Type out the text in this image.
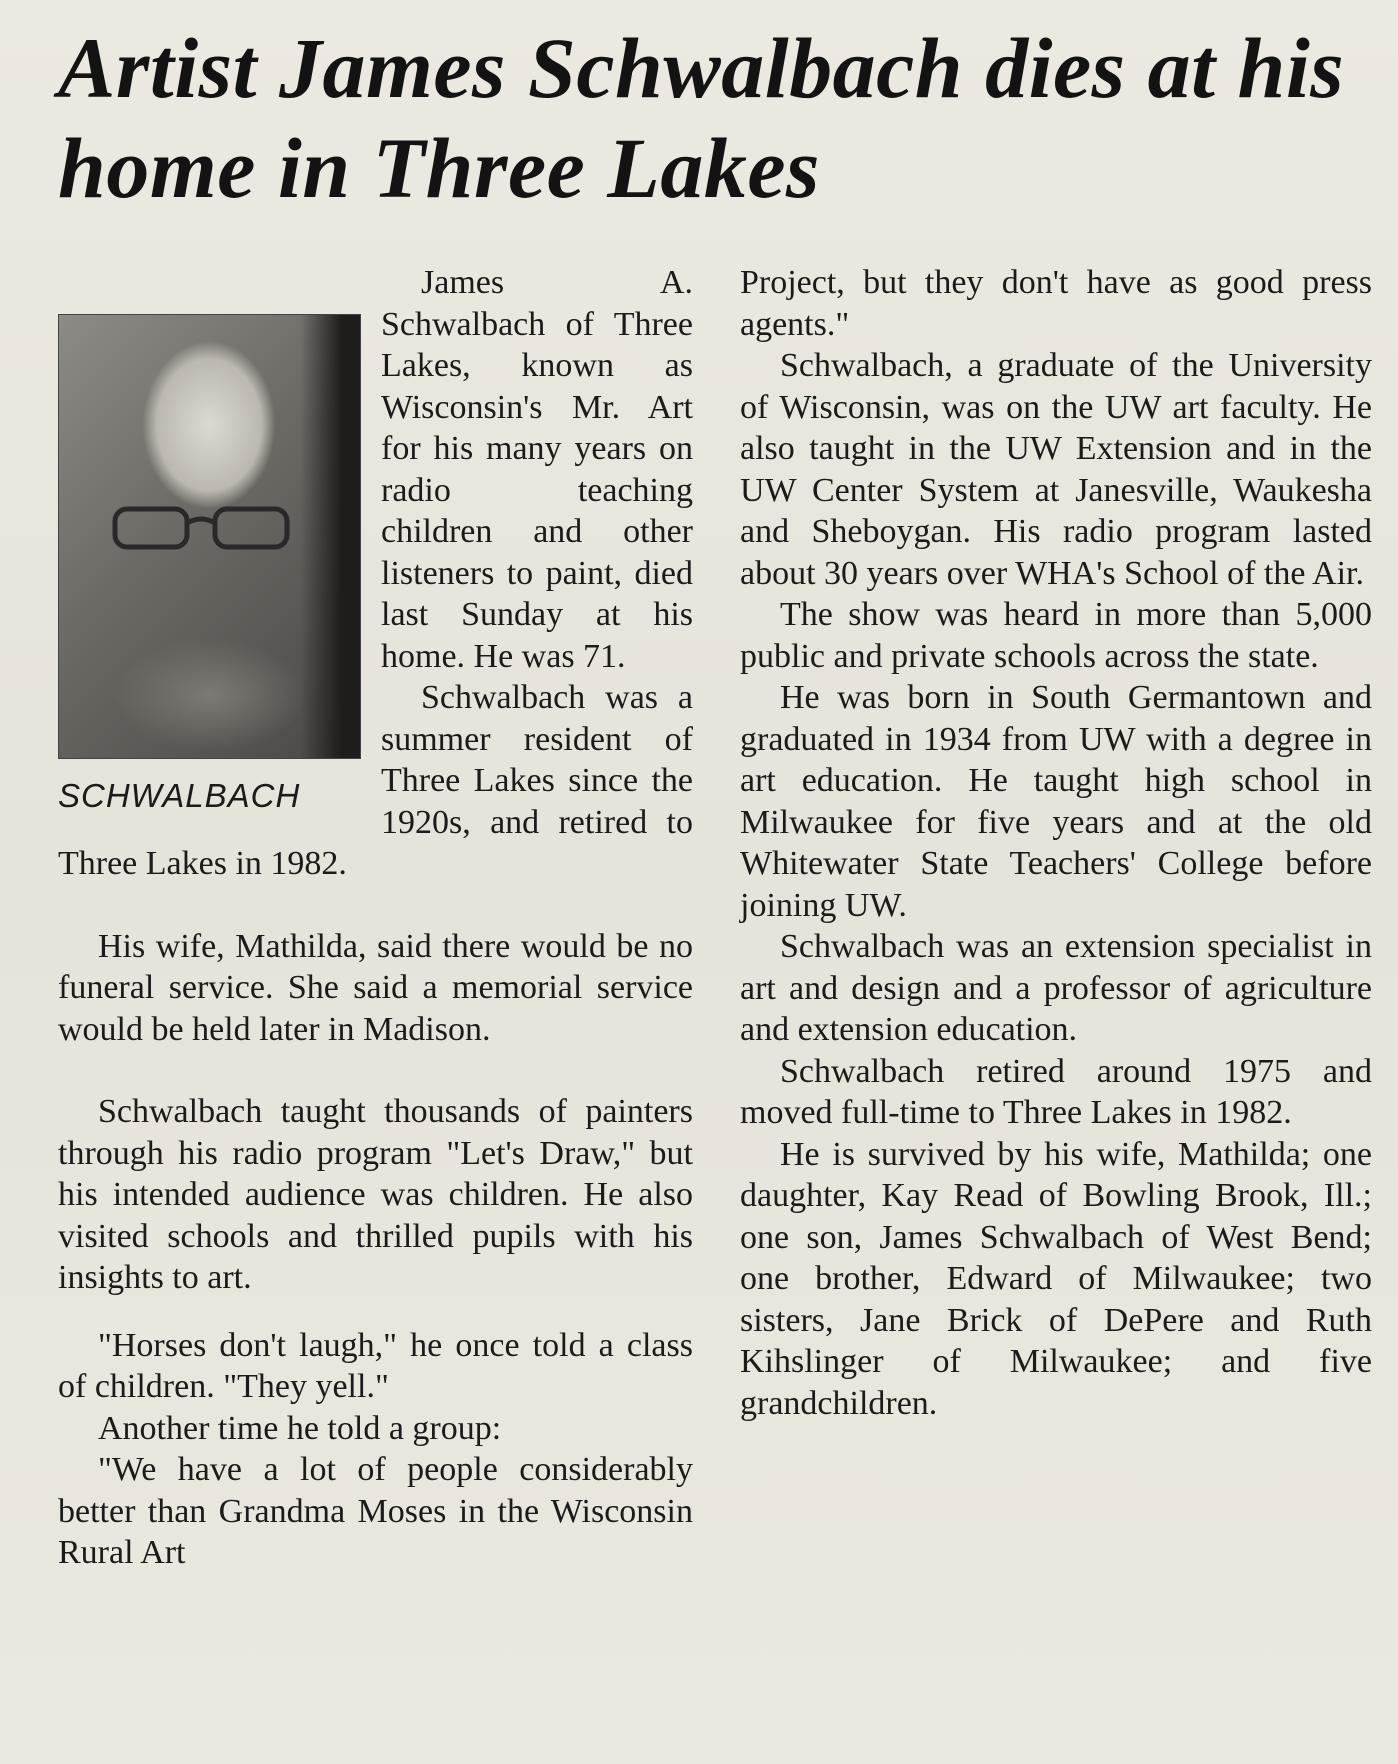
Artist James Schwalbach dies at his home in Three Lakes
SCHWALBACH

James A. Schwalbach of Three Lakes, known as Wisconsin's Mr. Art for his many years on radio teaching children and other listeners to paint, died last Sunday at his home. He was 71.

Schwalbach was a summer resident of Three Lakes since the 1920s, and retired to Three Lakes in 1982.

His wife, Mathilda, said there would be no funeral service. She said a memorial service would be held later in Madison.

Schwalbach taught thousands of painters through his radio program "Let's Draw," but his intended audience was children. He also visited schools and thrilled pupils with his insights to art.

"Horses don't laugh," he once told a class of children. "They yell."

Another time he told a group:

"We have a lot of people considerably better than Grandma Moses in the Wisconsin Rural Art

Project, but they don't have as good press agents."

Schwalbach, a graduate of the University of Wisconsin, was on the UW art faculty. He also taught in the UW Extension and in the UW Center System at Janesville, Waukesha and Sheboygan. His radio program lasted about 30 years over WHA's School of the Air.

The show was heard in more than 5,000 public and private schools across the state.

He was born in South Germantown and graduated in 1934 from UW with a degree in art education. He taught high school in Milwaukee for five years and at the old Whitewater State Teachers' College before joining UW.

Schwalbach was an extension specialist in art and design and a professor of agriculture and extension education.

Schwalbach retired around 1975 and moved full-time to Three Lakes in 1982.

He is survived by his wife, Mathilda; one daughter, Kay Read of Bowling Brook, Ill.; one son, James Schwalbach of West Bend; one brother, Edward of Milwaukee; two sisters, Jane Brick of DePere and Ruth Kihslinger of Milwaukee; and five grandchildren.
